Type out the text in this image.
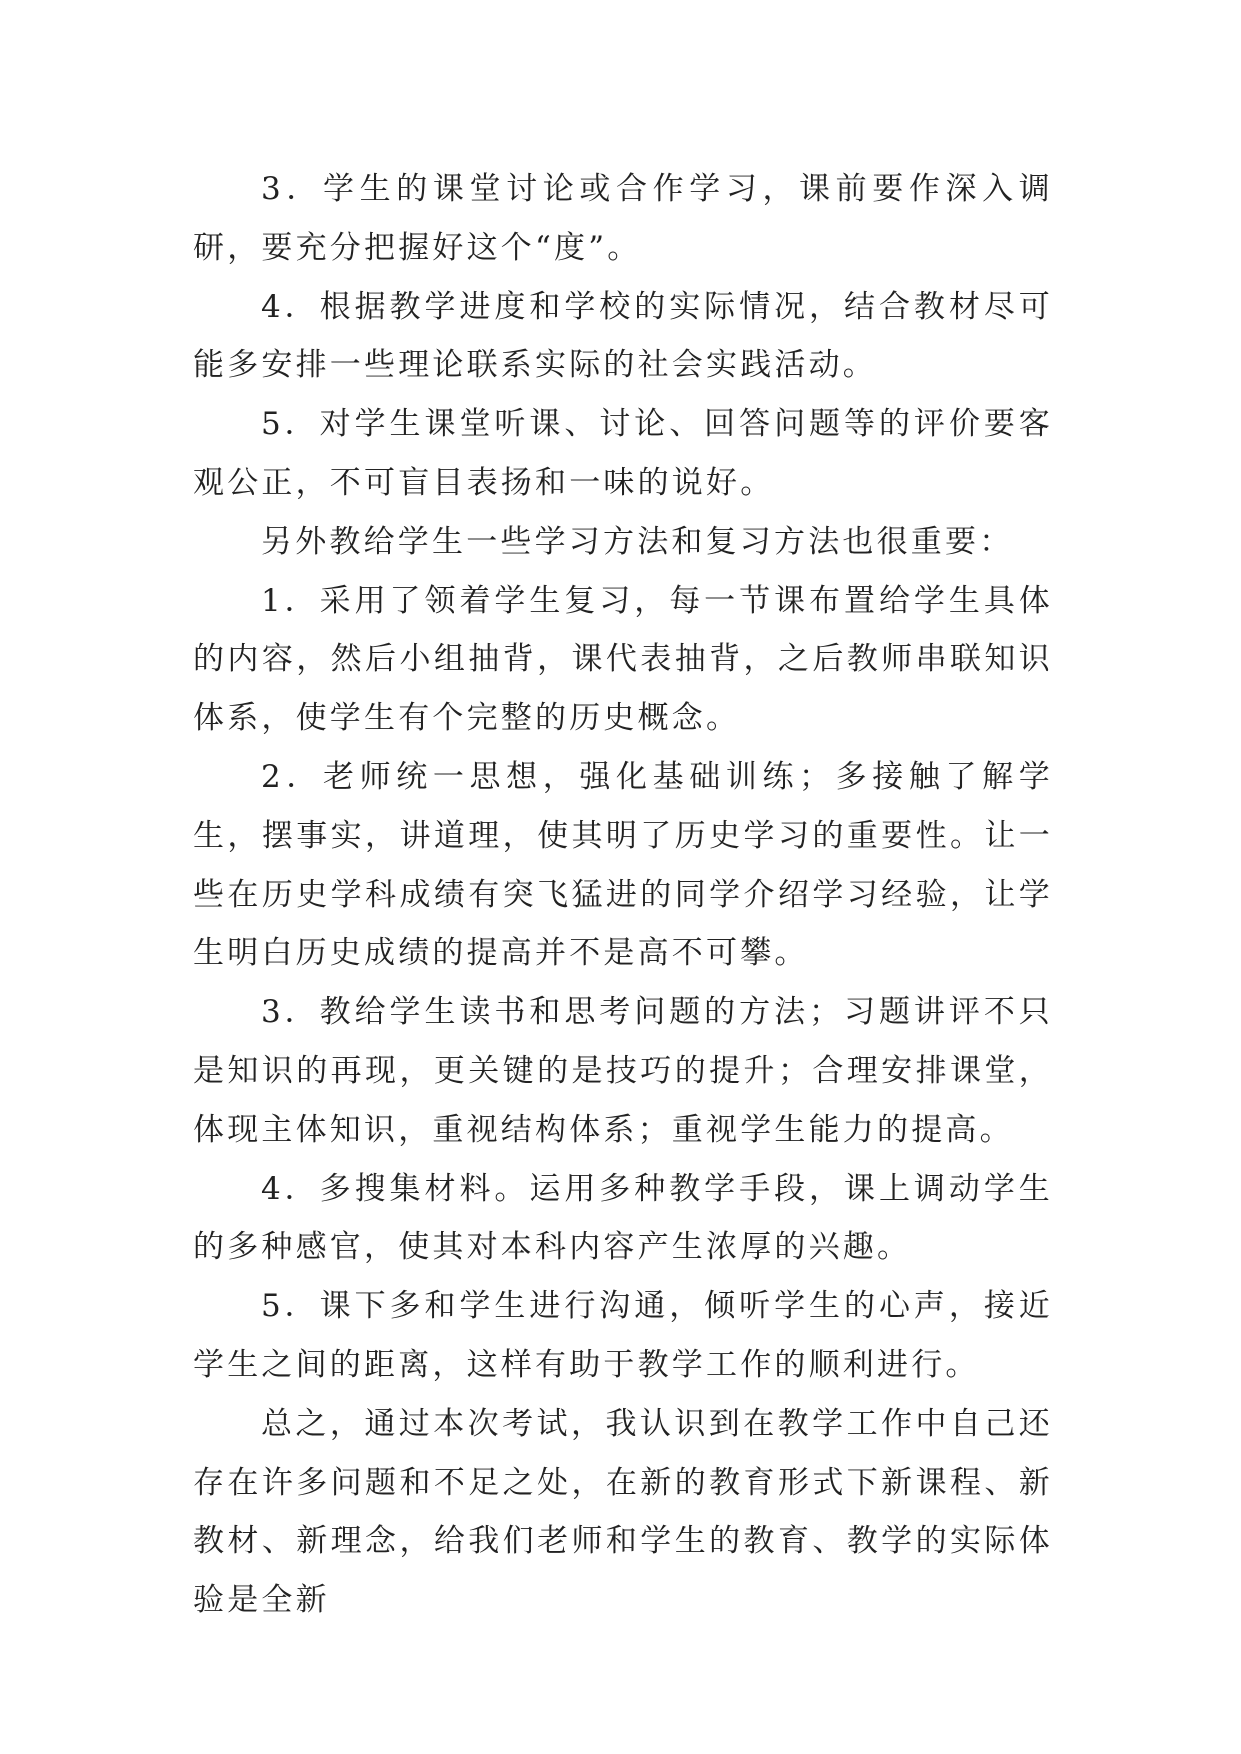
3．学生的课堂讨论或合作学习，课前要作深入调研，要充分把握好这个“度”。

4．根据教学进度和学校的实际情况，结合教材尽可能多安排一些理论联系实际的社会实践活动。

5．对学生课堂听课、讨论、回答问题等的评价要客观公正，不可盲目表扬和一味的说好。

另外教给学生一些学习方法和复习方法也很重要：

1．采用了领着学生复习，每一节课布置给学生具体的内容，然后小组抽背，课代表抽背，之后教师串联知识体系，使学生有个完整的历史概念。

2．老师统一思想，强化基础训练；多接触了解学生，摆事实，讲道理，使其明了历史学习的重要性。让一些在历史学科成绩有突飞猛进的同学介绍学习经验，让学生明白历史成绩的提高并不是高不可攀。

3．教给学生读书和思考问题的方法；习题讲评不只是知识的再现，更关键的是技巧的提升；合理安排课堂，体现主体知识，重视结构体系；重视学生能力的提高。

4．多搜集材料。运用多种教学手段，课上调动学生的多种感官，使其对本科内容产生浓厚的兴趣。

5．课下多和学生进行沟通，倾听学生的心声，接近学生之间的距离，这样有助于教学工作的顺利进行。

总之，通过本次考试，我认识到在教学工作中自己还存在许多问题和不足之处，在新的教育形式下新课程、新教材、新理念，给我们老师和学生的教育、教学的实际体验是全新
